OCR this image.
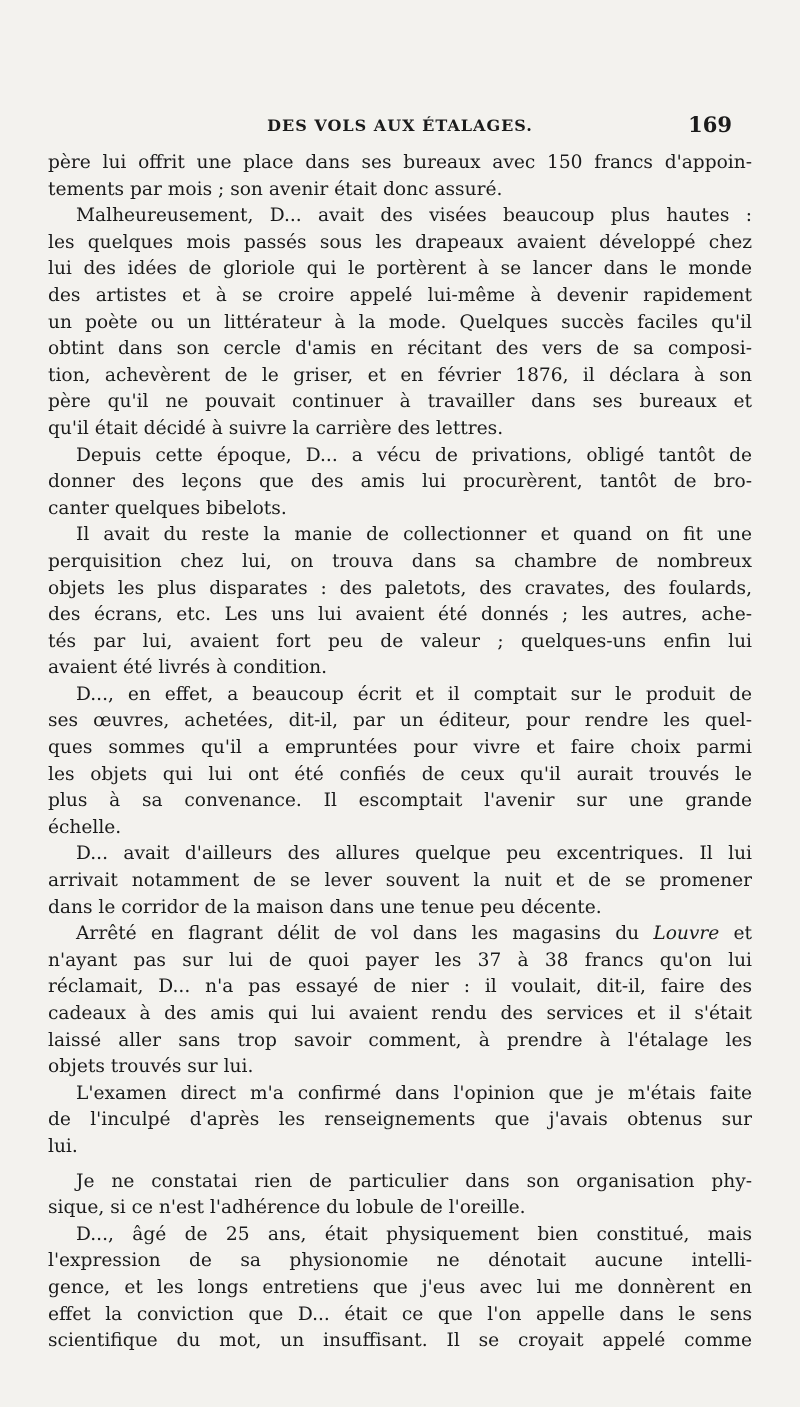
DES VOLS AUX ÉTALAGES.	169
père lui offrit une place dans ses bureaux avec 150 francs d'appoin-
tements par mois ; son avenir était donc assuré.
Malheureusement, D... avait des visées beaucoup plus hautes :
les quelques mois passés sous les drapeaux avaient développé chez
lui des idées de gloriole qui le portèrent à se lancer dans le monde
des artistes et à se croire appelé lui-même à devenir rapidement
un poète ou un littérateur à la mode. Quelques succès faciles qu'il
obtint dans son cercle d'amis en récitant des vers de sa composi-
tion, achevèrent de le griser, et en février 1876, il déclara à son
père qu'il ne pouvait continuer à travailler dans ses bureaux et
qu'il était décidé à suivre la carrière des lettres.
Depuis cette époque, D... a vécu de privations, obligé tantôt de
donner des leçons que des amis lui procurèrent, tantôt de bro-
canter quelques bibelots.
Il avait du reste la manie de collectionner et quand on fit une
perquisition chez lui, on trouva dans sa chambre de nombreux
objets les plus disparates : des paletots, des cravates, des foulards,
des écrans, etc. Les uns lui avaient été donnés ; les autres, ache-
tés par lui, avaient fort peu de valeur ; quelques-uns enfin lui
avaient été livrés à condition.
D..., en effet, a beaucoup écrit et il comptait sur le produit de
ses œuvres, achetées, dit-il, par un éditeur, pour rendre les quel-
ques sommes qu'il a empruntées pour vivre et faire choix parmi
les objets qui lui ont été confiés de ceux qu'il aurait trouvés le
plus à sa convenance. Il escomptait l'avenir sur une grande
échelle.
D... avait d'ailleurs des allures quelque peu excentriques. Il lui
arrivait notamment de se lever souvent la nuit et de se promener
dans le corridor de la maison dans une tenue peu décente.
Arrêté en flagrant délit de vol dans les magasins du Louvre et
n'ayant pas sur lui de quoi payer les 37 à 38 francs qu'on lui
réclamait, D... n'a pas essayé de nier : il voulait, dit-il, faire des
cadeaux à des amis qui lui avaient rendu des services et il s'était
laissé aller sans trop savoir comment, à prendre à l'étalage les
objets trouvés sur lui.
L'examen direct m'a confirmé dans l'opinion que je m'étais faite
de l'inculpé d'après les renseignements que j'avais obtenus sur
lui.
Je ne constatai rien de particulier dans son organisation phy-
sique, si ce n'est l'adhérence du lobule de l'oreille.
D..., âgé de 25 ans, était physiquement bien constitué, mais
l'expression de sa physionomie ne dénotait aucune intelli-
gence, et les longs entretiens que j'eus avec lui me donnèrent en
effet la conviction que D... était ce que l'on appelle dans le sens
scientifique du mot, un insuffisant. Il se croyait appelé comme
